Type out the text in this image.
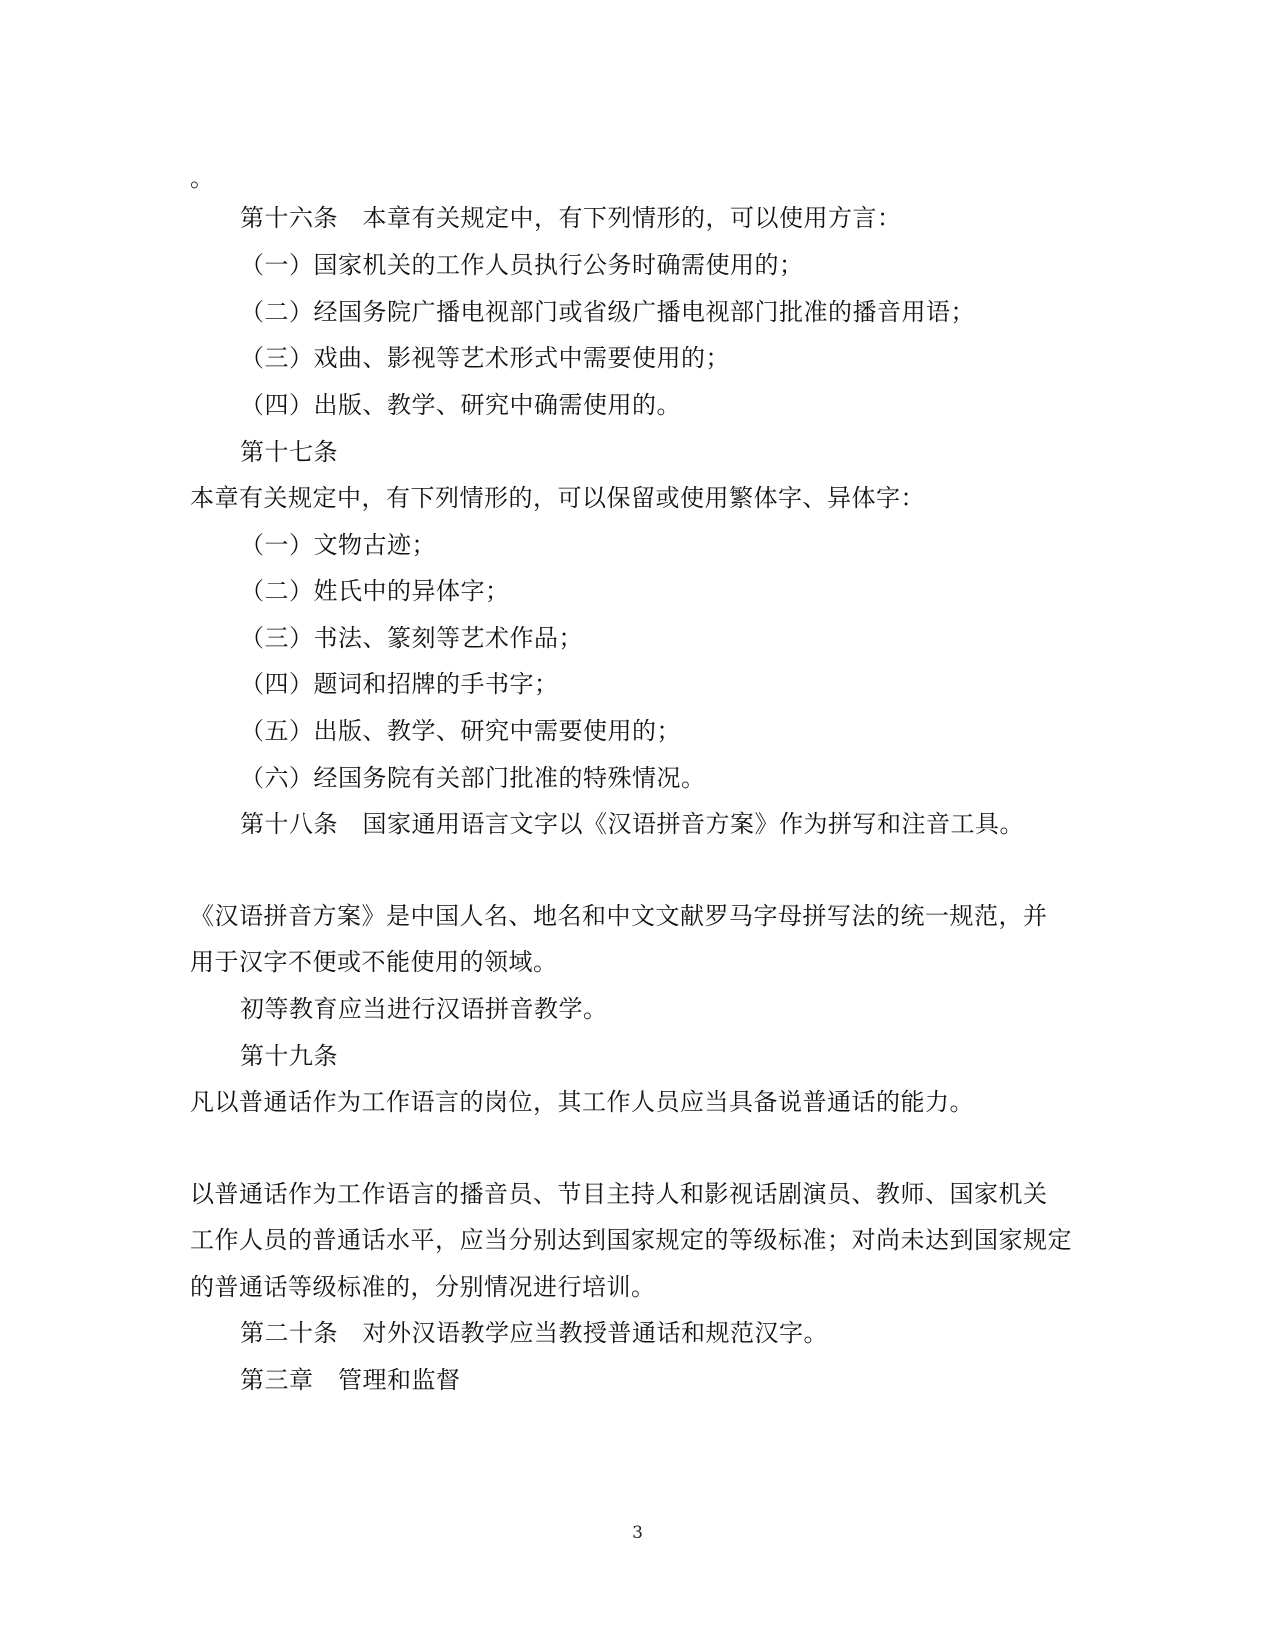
。
第十六条　本章有关规定中，有下列情形的，可以使用方言：
（一）国家机关的工作人员执行公务时确需使用的；
（二）经国务院广播电视部门或省级广播电视部门批准的播音用语；
（三）戏曲、影视等艺术形式中需要使用的；
（四）出版、教学、研究中确需使用的。
第十七条
本章有关规定中，有下列情形的，可以保留或使用繁体字、异体字：
（一）文物古迹；
（二）姓氏中的异体字；
（三）书法、篆刻等艺术作品；
（四）题词和招牌的手书字；
（五）出版、教学、研究中需要使用的；
（六）经国务院有关部门批准的特殊情况。
第十八条　国家通用语言文字以《汉语拼音方案》作为拼写和注音工具。
《汉语拼音方案》是中国人名、地名和中文文献罗马字母拼写法的统一规范，并
用于汉字不便或不能使用的领域。
初等教育应当进行汉语拼音教学。
第十九条
凡以普通话作为工作语言的岗位，其工作人员应当具备说普通话的能力。
以普通话作为工作语言的播音员、节目主持人和影视话剧演员、教师、国家机关
工作人员的普通话水平，应当分别达到国家规定的等级标准；对尚未达到国家规定
的普通话等级标准的，分别情况进行培训。
第二十条　对外汉语教学应当教授普通话和规范汉字。
第三章　管理和监督
3
